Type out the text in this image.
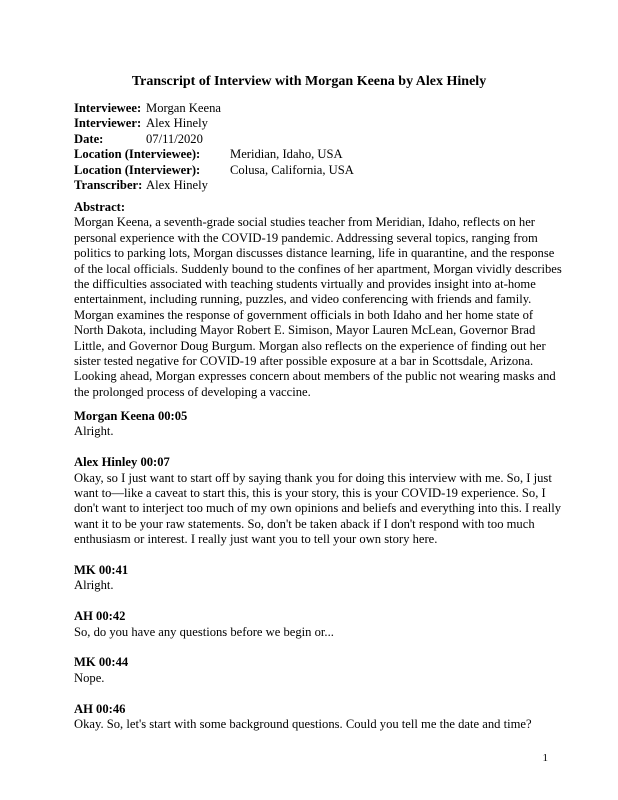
Transcript of Interview with Morgan Keena by Alex Hinely
Interviewee: Morgan Keena
Interviewer: Alex Hinely
Date:	07/11/2020
Location (Interviewee): Meridian, Idaho, USA
Location (Interviewer): Colusa, California, USA
Transcriber: Alex Hinely
Abstract:
Morgan Keena, a seventh-grade social studies teacher from Meridian, Idaho, reflects on her
personal experience with the COVID-19 pandemic. Addressing several topics, ranging from
politics to parking lots, Morgan discusses distance learning, life in quarantine, and the response
of the local officials. Suddenly bound to the confines of her apartment, Morgan vividly describes
the difficulties associated with teaching students virtually and provides insight into at-home
entertainment, including running, puzzles, and video conferencing with friends and family.
Morgan examines the response of government officials in both Idaho and her home state of
North Dakota, including Mayor Robert E. Simison, Mayor Lauren McLean, Governor Brad
Little, and Governor Doug Burgum. Morgan also reflects on the experience of finding out her
sister tested negative for COVID-19 after possible exposure at a bar in Scottsdale, Arizona.
Looking ahead, Morgan expresses concern about members of the public not wearing masks and
the prolonged process of developing a vaccine.
Morgan Keena 00:05
Alright.
Alex Hinley 00:07
Okay, so I just want to start off by saying thank you for doing this interview with me. So, I just
want to—like a caveat to start this, this is your story, this is your COVID-19 experience. So, I
don't want to interject too much of my own opinions and beliefs and everything into this. I really
want it to be your raw statements. So, don't be taken aback if I don't respond with too much
enthusiasm or interest. I really just want you to tell your own story here.
MK 00:41
Alright.
AH 00:42
So, do you have any questions before we begin or...
MK 00:44
Nope.
AH 00:46
Okay. So, let's start with some background questions. Could you tell me the date and time?
1
